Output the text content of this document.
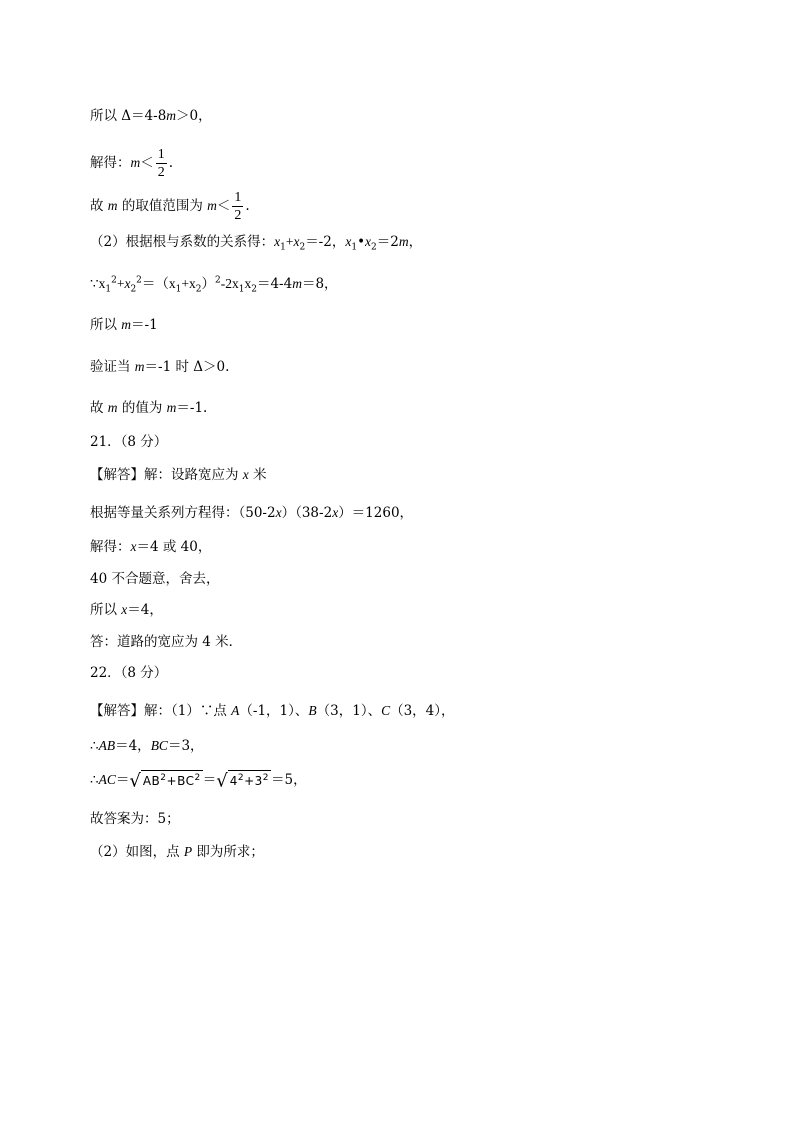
所以 Δ＝4-8m＞0，
解得：$m< \frac{1}{2}$ .
故 m 的取值范围为 $m< \frac{1}{2}$ .
（2）根据根与系数的关系得：$x_1+x_2=-2$，$x_1•x_2=2m$，
$\because x_1^2+x_2^2=(x_1+x_2)^2-2x_1x_2=4-4m=8$，
所以 m＝-1
验证当 m＝-1 时 Δ＞0.
故 m 的值为 m＝-1.
21．（8 分）
【解答】解：设路宽应为 x 米
根据等量关系列方程得：（50-2x）（38-2x）＝1260，
解得：x＝4 或 40，
40 不合题意，舍去，
所以 x＝4，
答：道路的宽应为 4 米．
22．（8 分）
【解答】解：（1）∵点 A（-1，1）、B（3，1）、C（3，4），
∴AB＝4，BC＝3，
∴AC＝√ $AB^2+BC^2$ ＝√ $4^2+3^2 =5$，
故答案为：5；
（2）如图，点 P 即为所求；
